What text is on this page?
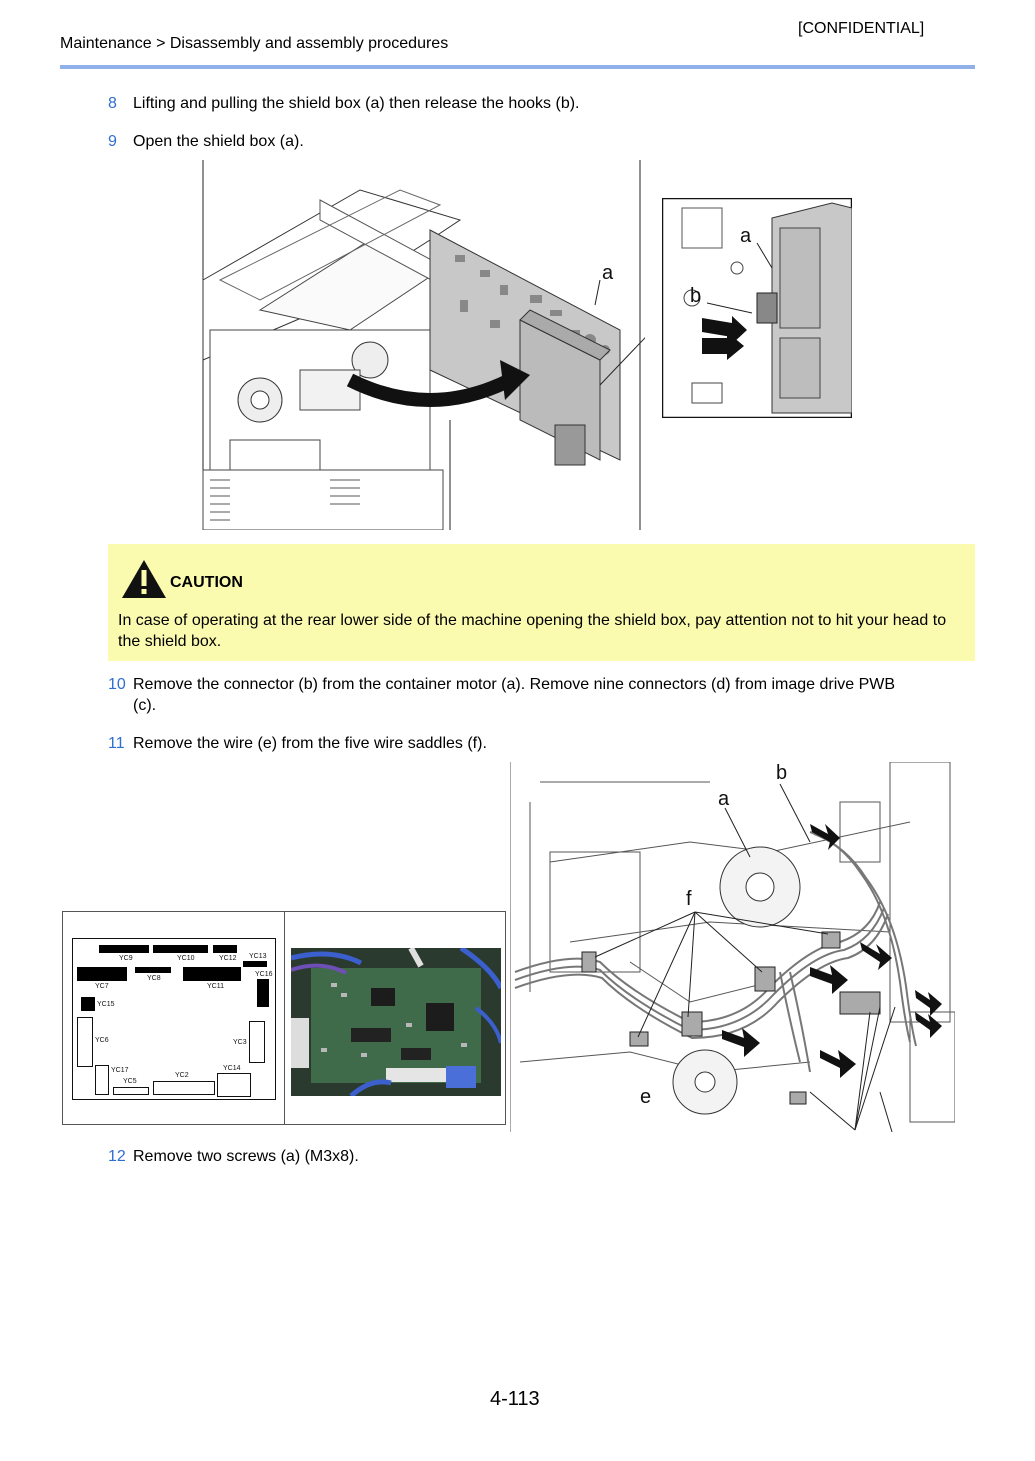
[CONFIDENTIAL]
Maintenance > Disassembly and assembly procedures
8 Lifting and pulling the shield box (a) then release the hooks (b).
9 Open the shield box (a).
a
a
b
CAUTION
In case of operating at the rear lower side of the machine opening the shield box, pay attention not to hit your head to the shield box.
10 Remove the connector (b) from the container motor (a). Remove nine connectors (d) from image drive PWB
(c).
11 Remove the wire (e) from the five wire saddles (f).
YC9	YC10	YC12 YC13
YC16
YC7
YC8
YC11
YC15
YC6	YC3
YC17
YC5
YC2
YC14
b
a
f
e
12 Remove two screws (a) (M3x8).
4-113
